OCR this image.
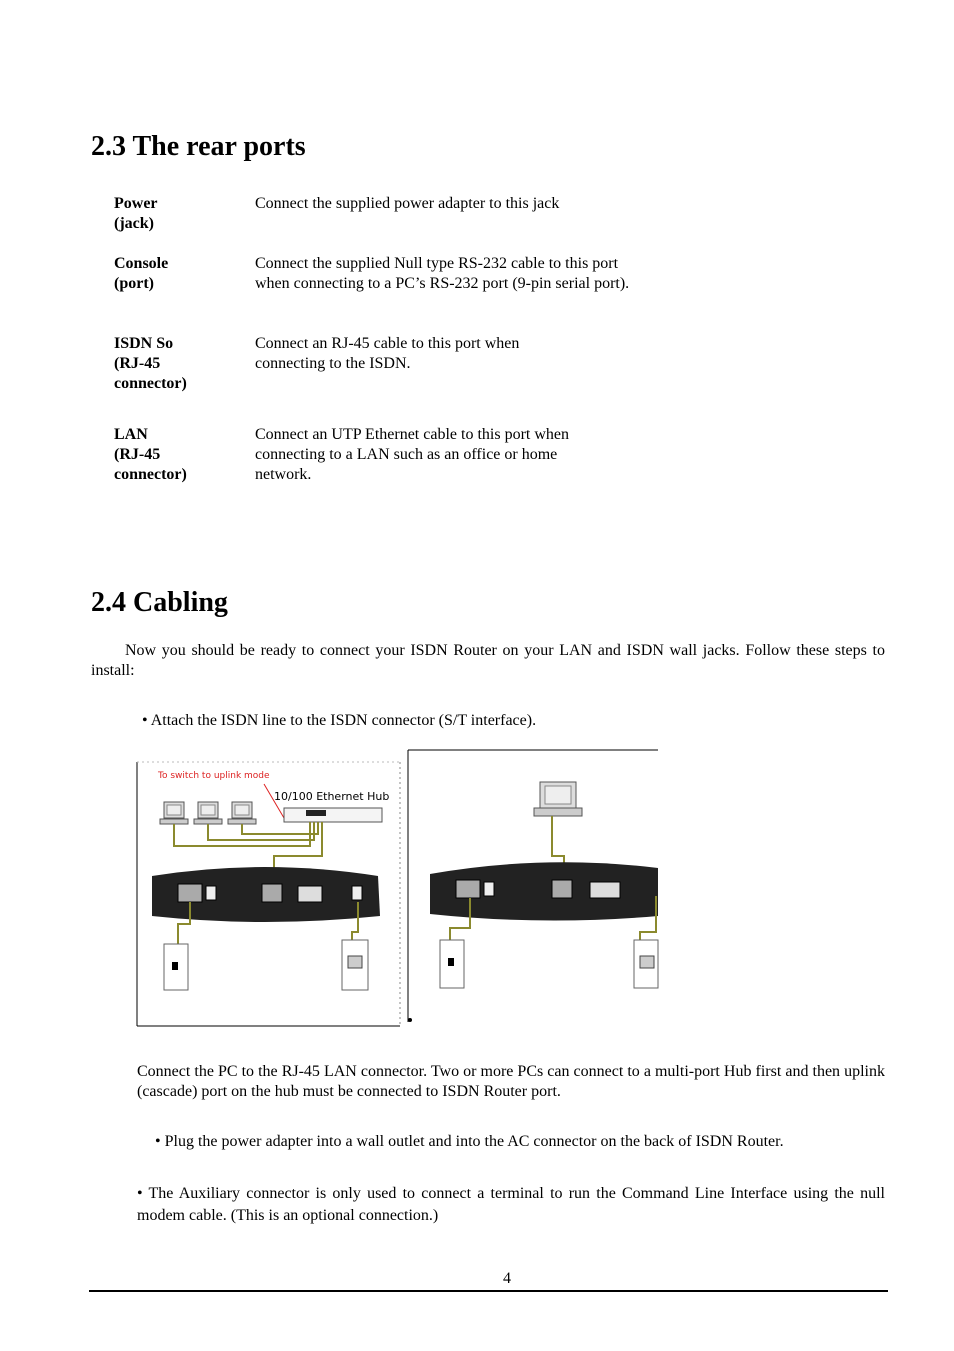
2.3 The rear ports
Power
(jack)
Connect the supplied power adapter to this jack
Console
(port)
Connect the supplied Null type RS-232 cable to this port when connecting to a PC’s RS-232 port (9-pin serial port).
ISDN So
(RJ-45
connector)
Connect an RJ-45 cable to this port when connecting to the ISDN.
LAN
(RJ-45
connector)
Connect an UTP Ethernet cable to this port when connecting to a LAN such as an office or home network.
2.4 Cabling
Now you should be ready to connect your ISDN Router on your LAN and ISDN wall jacks. Follow these steps to install:
• Attach the ISDN line to the ISDN connector (S/T interface).
To switch to uplink mode
10/100 Ethernet Hub
Connect the PC to the RJ-45 LAN connector. Two or more PCs can connect to a multi-port Hub first and then uplink (cascade) port on the hub must be connected to ISDN Router port.
• Plug the power adapter into a wall outlet and into the AC connector on the back of ISDN Router.
• The Auxiliary connector is only used to connect a terminal to run the Command Line Interface using the null modem cable. (This is an optional connection.)
4
